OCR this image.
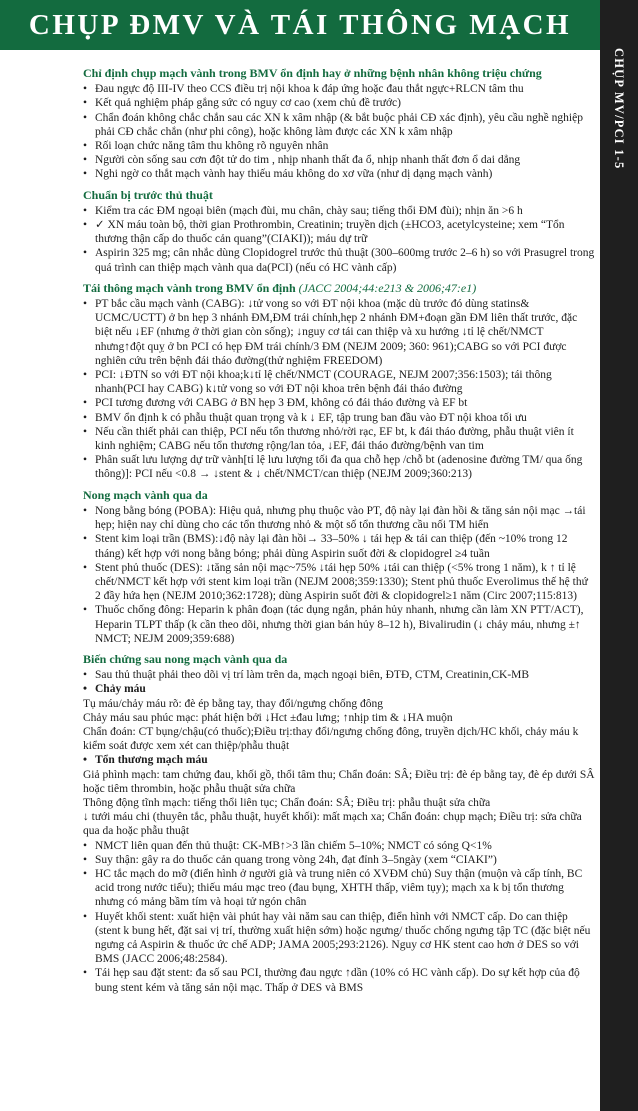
CHỤP ĐMV VÀ TÁI THÔNG MẠCH
CHỤP MV/PCI 1-5
Chỉ định chụp mạch vành trong BMV ổn định hay ở những bệnh nhân không triệu chứng
• Đau ngực độ III-IV theo CCS điều trị nội khoa k đáp ứng hoặc đau thắt ngực+RLCN tâm thu
• Kết quả nghiệm pháp gắng sức có nguy cơ cao (xem chủ đề trước)
• Chẩn đoán không chắc chắn sau các XN k xâm nhập (& bắt buộc phải CĐ xác định), yêu cầu nghề nghiệp phải CĐ chắc chắn (như phi công), hoặc không làm được các XN k xâm nhập
• Rối loạn chức năng tâm thu không rõ nguyên nhân
• Người còn sống sau cơn đột tử do tim , nhịp nhanh thất đa ổ, nhịp nhanh thất đơn ổ dai dẳng
• Nghi ngờ co thắt mạch vành hay thiếu máu không do xơ vữa (như dị dạng mạch vành)
Chuẩn bị trước thủ thuật
• Kiểm tra các ĐM ngoại biên (mạch đùi, mu chân, chày sau; tiếng thổi ĐM đùi); nhịn ăn >6 h
• ✓ XN máu toàn bộ, thời gian Prothrombin, Creatinin; truyền dịch (±HCO3, acetylcysteine; xem “Tổn thương thận cấp do thuốc cản quang”(CIAKI)); máu dự trữ
• Aspirin 325 mg; cân nhắc dùng Clopidogrel trước thủ thuật (300–600mg trước 2–6 h) so với Prasugrel trong quá trình can thiệp mạch vành qua da(PCI) (nếu có HC vành cấp)
Tái thông mạch vành trong BMV ổn định (JACC 2004;44:e213 & 2006;47:e1)
• PT bắc cầu mạch vành (CABG): ↓tử vong so với ĐT nội khoa (mặc dù trước đó dùng statins& UCMC/UCTT) ở bn hẹp 3 nhánh ĐM,ĐM trái chính,hẹp 2 nhánh ĐM+đoạn gần ĐM liên thất trước, đặc biệt nếu ↓EF (nhưng ở thời gian còn sống); ↓nguy cơ tái can thiệp và xu hướng ↓tỉ lệ chết/NMCT nhưng↑đột quỵ ở bn PCI có hẹp ĐM trái chính/3 ĐM (NEJM 2009; 360: 961);CABG so với PCI được nghiên cứu trên bệnh đái tháo đường(thử nghiệm FREEDOM)
• PCI: ↓ĐTN so với ĐT nội khoa;k↓tỉ lệ chết/NMCT (COURAGE, NEJM 2007;356:1503); tái thông nhanh(PCI hay CABG) k↓tử vong so với ĐT nội khoa trên bệnh đái tháo đường
• PCI tương đương với CABG ở BN hẹp 3 ĐM, không có đái tháo đường và EF bt
• BMV ổn định k có phẫu thuật quan trọng và k ↓ EF, tập trung ban đầu vào ĐT nội khoa tối ưu
• Nếu cần thiết phải can thiệp, PCI nếu tổn thương nhỏ/rời rạc, EF bt, k đái tháo đường, phẫu thuật viên ít kinh nghiệm; CABG nếu tổn thương rộng/lan tỏa, ↓EF, đái tháo đường/bệnh van tim
• Phân suất lưu lượng dự trữ vành[tỉ lệ lưu lượng tối đa qua chỗ hẹp /chỗ bt (adenosine đường TM/ qua ống thông)]: PCI nếu <0.8 → ↓stent & ↓ chết/NMCT/can thiệp (NEJM 2009;360:213)
Nong mạch vành qua da
• Nong bằng bóng (POBA): Hiệu quả, nhưng phụ thuộc vào PT, độ này lại đàn hồi & tăng sản nội mạc →tái hẹp; hiện nay chỉ dùng cho các tổn thương nhỏ & một số tổn thương cầu nối TM hiển
• Stent kim loại trần (BMS):↓độ này lại đàn hồi→ 33–50% ↓ tái hẹp & tái can thiệp (đến ~10% trong 12 tháng) kết hợp với nong bằng bóng; phải dùng Aspirin suốt đời & clopidogrel ≥4 tuần
• Stent phủ thuốc (DES): ↓tăng sản nội mạc~75% ↓tái hẹp 50% ↓tái can thiệp (<5% trong 1 năm), k ↑ tỉ lệ chết/NMCT kết hợp với stent kim loại trần (NEJM 2008;359:1330); Stent phủ thuốc Everolimus thế hệ thứ 2 đầy hứa hẹn (NEJM 2010;362:1728); dùng Aspirin suốt đời & clopidogrel≥1 năm (Circ 2007;115:813)
• Thuốc chống đông: Heparin k phân đoạn (tác dụng ngắn, phản hủy nhanh, nhưng cần làm XN PTT/ACT), Heparin TLPT thấp (k cần theo dõi, nhưng thời gian bán hủy 8–12 h), Bivalirudin (↓ chảy máu, nhưng ±↑ NMCT; NEJM 2009;359:688)
Biến chứng sau nong mạch vành qua da
• Sau thủ thuật phải theo dõi vị trí làm trên da, mạch ngoại biên, ĐTĐ, CTM, Creatinin,CK-MB
• Chảy máu
Tụ máu/chảy máu rõ: đè ép bằng tay, thay đổi/ngưng chống đông
Chảy máu sau phúc mạc: phát hiện bởi ↓Hct ±đau lưng; ↑nhịp tim & ↓HA muộn
Chẩn đoán: CT bụng/chậu(có thuốc);Điều trị:thay đổi/ngưng chống đông, truyền dịch/HC khối, chảy máu k kiểm soát được xem xét can thiệp/phẫu thuật
• Tổn thương mạch máu
Giả phình mạch: tam chứng đau, khối gồ, thổi tâm thu; Chẩn đoán: SÂ; Điều trị: đè ép bằng tay, đè ép dưới SÂ hoặc tiêm thrombin, hoặc phẫu thuật sửa chữa
Thông động tĩnh mạch: tiếng thổi liên tục; Chẩn đoán: SÂ; Điều trị: phẫu thuật sửa chữa
↓ tưới máu chi (thuyên tắc, phẫu thuật, huyết khối): mất mạch xa; Chẩn đoán: chụp mạch; Điều trị: sửa chữa qua da hoặc phẫu thuật
• NMCT liên quan đến thủ thuật: CK-MB↑>3 lần chiếm 5–10%; NMCT có sóng Q<1%
• Suy thận: gây ra do thuốc cản quang trong vòng 24h, đạt đỉnh 3–5ngày (xem “CIAKI”)
• HC tắc mạch do mỡ (điển hình ở người già và trung niên có XVĐM chủ) Suy thận (muộn và cấp tính, BC acid trong nước tiểu); thiếu máu mạc treo (đau bụng, XHTH thấp, viêm tụy); mạch xa k bị tổn thương nhưng có mảng bầm tím và hoại tử ngón chân
• Huyết khối stent: xuất hiện vài phút hay vài năm sau can thiệp, điển hình với NMCT cấp. Do can thiệp (stent k bung hết, đặt sai vị trí, thường xuất hiện sớm) hoặc ngưng/ thuốc chống ngưng tập TC (đặc biệt nếu ngưng cả Aspirin & thuốc ức chế ADP; JAMA 2005;293:2126). Nguy cơ HK stent cao hơn ở DES so với BMS (JACC 2006;48:2584).
• Tái hẹp sau đặt stent: đa số sau PCI, thường đau ngực ↑dần (10% có HC vành cấp). Do sự kết hợp của độ bung stent kém và tăng sản nội mạc. Thấp ở DES và BMS
